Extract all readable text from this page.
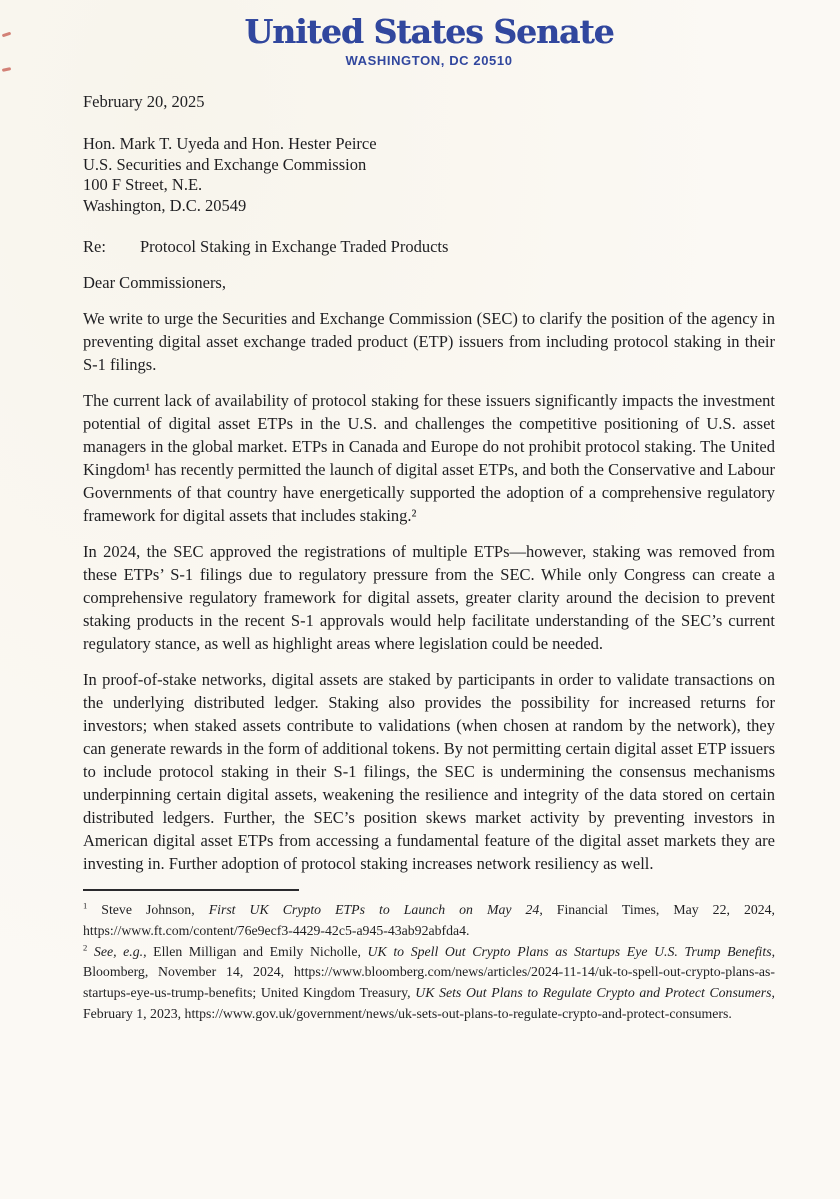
United States Senate
WASHINGTON, DC 20510
February 20, 2025
Hon. Mark T. Uyeda and Hon. Hester Peirce
U.S. Securities and Exchange Commission
100 F Street, N.E.
Washington, D.C. 20549
Re: Protocol Staking in Exchange Traded Products
Dear Commissioners,

We write to urge the Securities and Exchange Commission (SEC) to clarify the position of the agency in preventing digital asset exchange traded product (ETP) issuers from including protocol staking in their S-1 filings.

The current lack of availability of protocol staking for these issuers significantly impacts the investment potential of digital asset ETPs in the U.S. and challenges the competitive positioning of U.S. asset managers in the global market. ETPs in Canada and Europe do not prohibit protocol staking. The United Kingdom¹ has recently permitted the launch of digital asset ETPs, and both the Conservative and Labour Governments of that country have energetically supported the adoption of a comprehensive regulatory framework for digital assets that includes staking.²

In 2024, the SEC approved the registrations of multiple ETPs—however, staking was removed from these ETPs’ S-1 filings due to regulatory pressure from the SEC. While only Congress can create a comprehensive regulatory framework for digital assets, greater clarity around the decision to prevent staking products in the recent S-1 approvals would help facilitate understanding of the SEC’s current regulatory stance, as well as highlight areas where legislation could be needed.

In proof-of-stake networks, digital assets are staked by participants in order to validate transactions on the underlying distributed ledger. Staking also provides the possibility for increased returns for investors; when staked assets contribute to validations (when chosen at random by the network), they can generate rewards in the form of additional tokens. By not permitting certain digital asset ETP issuers to include protocol staking in their S-1 filings, the SEC is undermining the consensus mechanisms underpinning certain digital assets, weakening the resilience and integrity of the data stored on certain distributed ledgers. Further, the SEC’s position skews market activity by preventing investors in American digital asset ETPs from accessing a fundamental feature of the digital asset markets they are investing in. Further adoption of protocol staking increases network resiliency as well.

$^1$ Steve Johnson, First UK Crypto ETPs to Launch on May 24, Financial Times, May 22, 2024, https://www.ft.com/content/76e9ecf3-4429-42c5-a945-43ab92abfda4.

$^2$ See, e.g., Ellen Milligan and Emily Nicholle, UK to Spell Out Crypto Plans as Startups Eye U.S. Trump Benefits, Bloomberg, November 14, 2024, https://www.bloomberg.com/news/articles/2024-11-14/uk-to-spell-out-crypto-plans-as-startups-eye-us-trump-benefits; United Kingdom Treasury, UK Sets Out Plans to Regulate Crypto and Protect Consumers, February 1, 2023, https://www.gov.uk/government/news/uk-sets-out-plans-to-regulate-crypto-and-protect-consumers.
